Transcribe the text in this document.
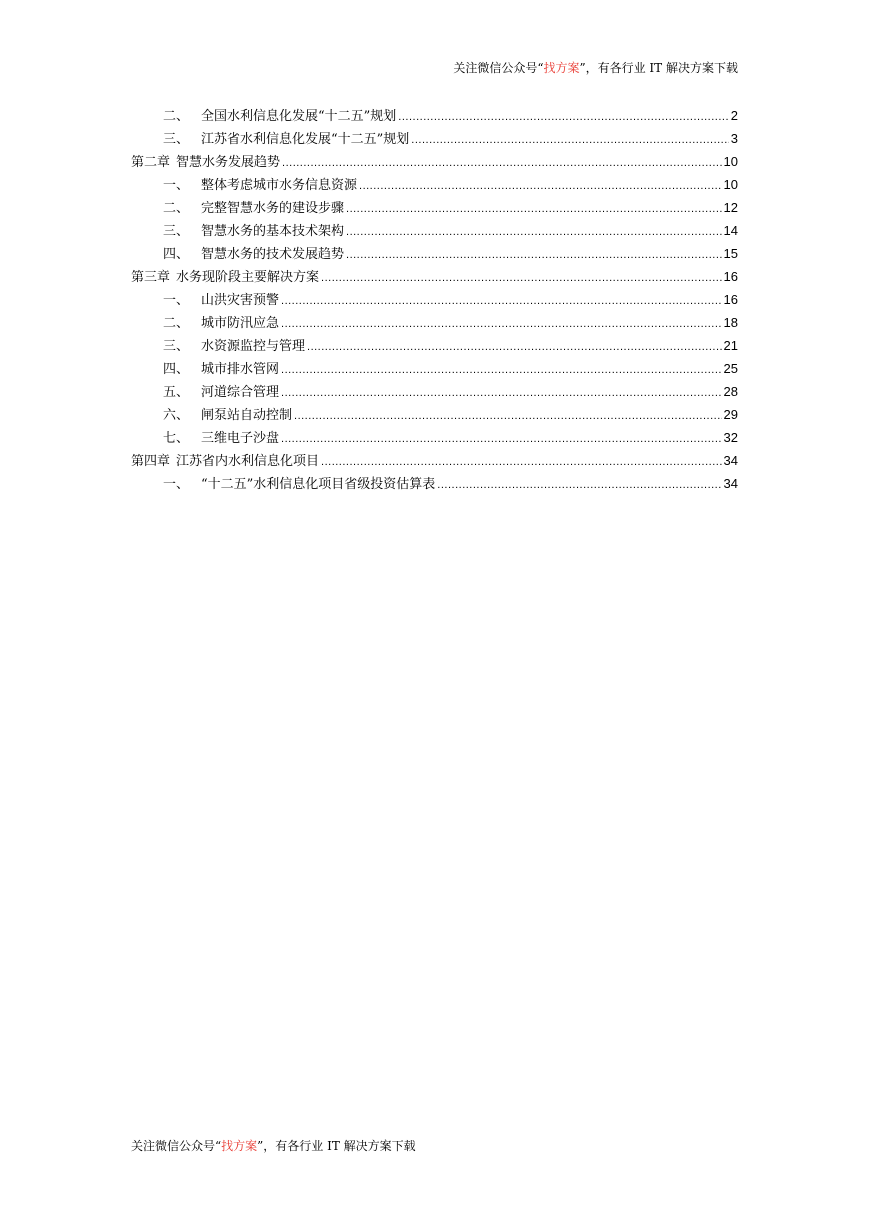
关注微信公众号“找方案”，有各行业 IT 解决方案下载
二、 全国水利信息化发展“十二五”规划 .....	2
三、 江苏省水利信息化发展“十二五”规划 .....	3
第二章 智慧水务发展趋势 .....	10
一、 整体考虑城市水务信息资源 .....	10
二、 完整智慧水务的建设步骤 .....	12
三、 智慧水务的基本技术架构 .....	14
四、 智慧水务的技术发展趋势 .....	15
第三章 水务现阶段主要解决方案 .....	16
一、 山洪灾害预警 .....	16
二、 城市防汛应急 .....	18
三、 水资源监控与管理 .....	21
四、 城市排水管网 .....	25
五、 河道综合管理 .....	28
六、 闸泵站自动控制 .....	29
七、 三维电子沙盘 .....	32
第四章 江苏省内水利信息化项目 .....	34
一、 “十二五”水利信息化项目省级投资估算表 .....	34
关注微信公众号“找方案”，有各行业 IT 解决方案下载
